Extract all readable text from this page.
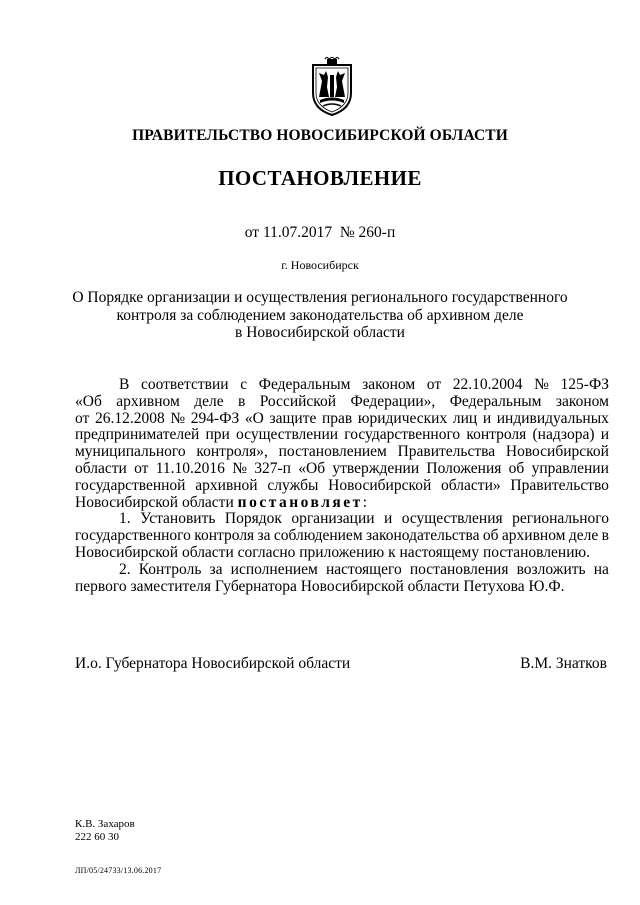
ПРАВИТЕЛЬСТВО НОВОСИБИРСКОЙ ОБЛАСТИ
ПОСТАНОВЛЕНИЕ
от 11.07.2017  № 260-п
г. Новосибирск
О Порядке организации и осуществления регионального государственного
контроля за соблюдением законодательства об архивном деле
в Новосибирской области
В соответствии с Федеральным законом от 22.10.2004 № 125-ФЗ
«Об архивном деле в Российской Федерации», Федеральным законом
от 26.12.2008 № 294-ФЗ «О защите прав юридических лиц и индивидуальных
предпринимателей при осуществлении государственного контроля (надзора) и
муниципального контроля», постановлением Правительства Новосибирской
области от 11.10.2016 № 327-п «Об утверждении Положения об управлении
государственной архивной службы Новосибирской области» Правительство
Новосибирской области постановляет :
1. Установить Порядок организации и осуществления регионального
государственного контроля за соблюдением законодательства об архивном деле в
Новосибирской области согласно приложению к настоящему постановлению.
2. Контроль за исполнением настоящего постановления возложить на
первого заместителя Губернатора Новосибирской области Петухова Ю.Ф.
И.о. Губернатора Новосибирской области	В.М. Знатков
К.В. Захаров
222 60 30
ЛП/05/24733/13.06.2017
